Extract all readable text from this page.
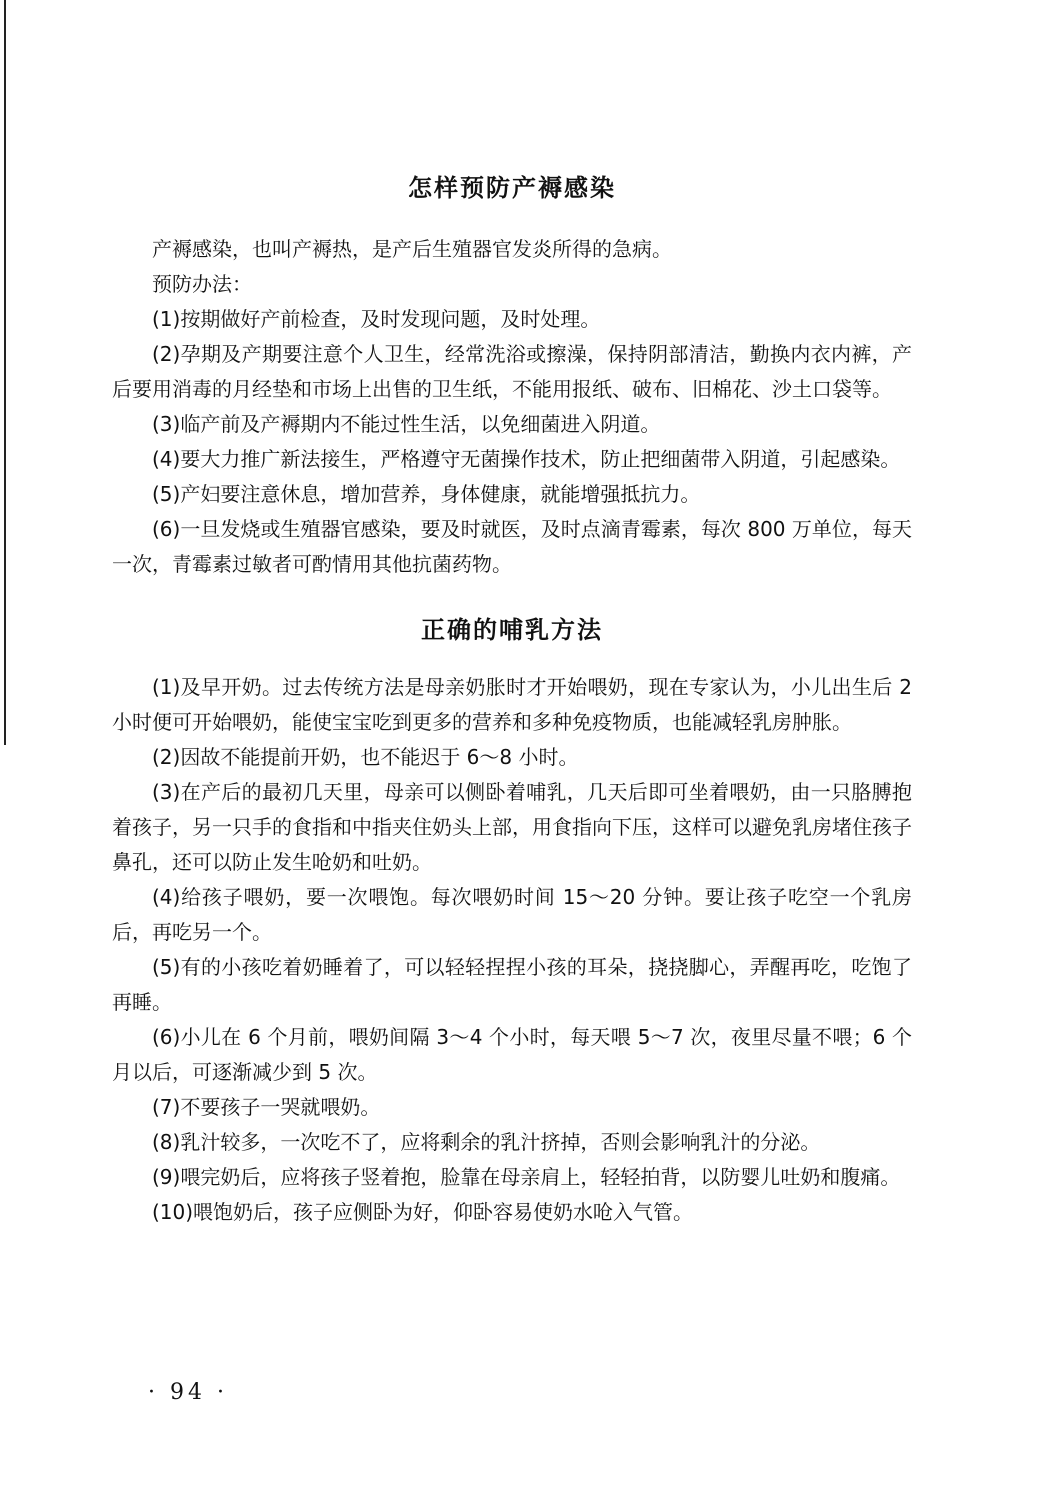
怎样预防产褥感染

产褥感染，也叫产褥热，是产后生殖器官发炎所得的急病。

预防办法：

(1)按期做好产前检查，及时发现问题，及时处理。

(2)孕期及产期要注意个人卫生，经常洗浴或擦澡，保持阴部清洁，勤换内衣内裤，产后要用消毒的月经垫和市场上出售的卫生纸，不能用报纸、破布、旧棉花、沙土口袋等。

(3)临产前及产褥期内不能过性生活，以免细菌进入阴道。

(4)要大力推广新法接生，严格遵守无菌操作技术，防止把细菌带入阴道，引起感染。

(5)产妇要注意休息，增加营养，身体健康，就能增强抵抗力。

(6)一旦发烧或生殖器官感染，要及时就医，及时点滴青霉素，每次 800 万单位，每天一次，青霉素过敏者可酌情用其他抗菌药物。

正确的哺乳方法

(1)及早开奶。过去传统方法是母亲奶胀时才开始喂奶，现在专家认为，小儿出生后 2 小时便可开始喂奶，能使宝宝吃到更多的营养和多种免疫物质，也能减轻乳房肿胀。

(2)因故不能提前开奶，也不能迟于 6～8 小时。

(3)在产后的最初几天里，母亲可以侧卧着哺乳，几天后即可坐着喂奶，由一只胳膊抱着孩子，另一只手的食指和中指夹住奶头上部，用食指向下压，这样可以避免乳房堵住孩子鼻孔，还可以防止发生呛奶和吐奶。

(4)给孩子喂奶，要一次喂饱。每次喂奶时间 15～20 分钟。要让孩子吃空一个乳房后，再吃另一个。

(5)有的小孩吃着奶睡着了，可以轻轻捏捏小孩的耳朵，挠挠脚心，弄醒再吃，吃饱了再睡。

(6)小儿在 6 个月前，喂奶间隔 3～4 个小时，每天喂 5～7 次，夜里尽量不喂；6 个月以后，可逐渐减少到 5 次。

(7)不要孩子一哭就喂奶。

(8)乳汁较多，一次吃不了，应将剩余的乳汁挤掉，否则会影响乳汁的分泌。

(9)喂完奶后，应将孩子竖着抱，脸靠在母亲肩上，轻轻拍背，以防婴儿吐奶和腹痛。

(10)喂饱奶后，孩子应侧卧为好，仰卧容易使奶水呛入气管。

· 94 ·
